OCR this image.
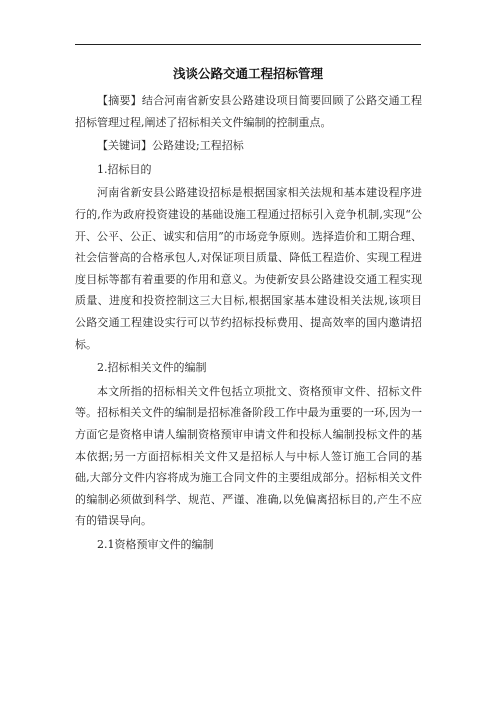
浅谈公路交通工程招标管理

【摘要】结合河南省新安县公路建设项目简要回顾了公路交通工程招标管理过程,阐述了招标相关文件编制的控制重点。

【关键词】公路建设;工程招标

1.招标目的

河南省新安县公路建设招标是根据国家相关法规和基本建设程序进行的,作为政府投资建设的基础设施工程通过招标引入竞争机制,实现“公开、公平、公正、诚实和信用”的市场竞争原则。选择造价和工期合理、社会信誉高的合格承包人,对保证项目质量、降低工程造价、实现工程进度目标等都有着重要的作用和意义。为使新安县公路建设交通工程实现质量、进度和投资控制这三大目标,根据国家基本建设相关法规,该项目公路交通工程建设实行可以节约招标投标费用、提高效率的国内邀请招标。

2.招标相关文件的编制

本文所指的招标相关文件包括立项批文、资格预审文件、招标文件等。招标相关文件的编制是招标准备阶段工作中最为重要的一环,因为一方面它是资格申请人编制资格预审申请文件和投标人编制投标文件的基本依据;另一方面招标相关文件又是招标人与中标人签订施工合同的基础,大部分文件内容将成为施工合同文件的主要组成部分。招标相关文件的编制必须做到科学、规范、严谨、准确,以免偏离招标目的,产生不应有的错误导向。

2.1资格预审文件的编制
